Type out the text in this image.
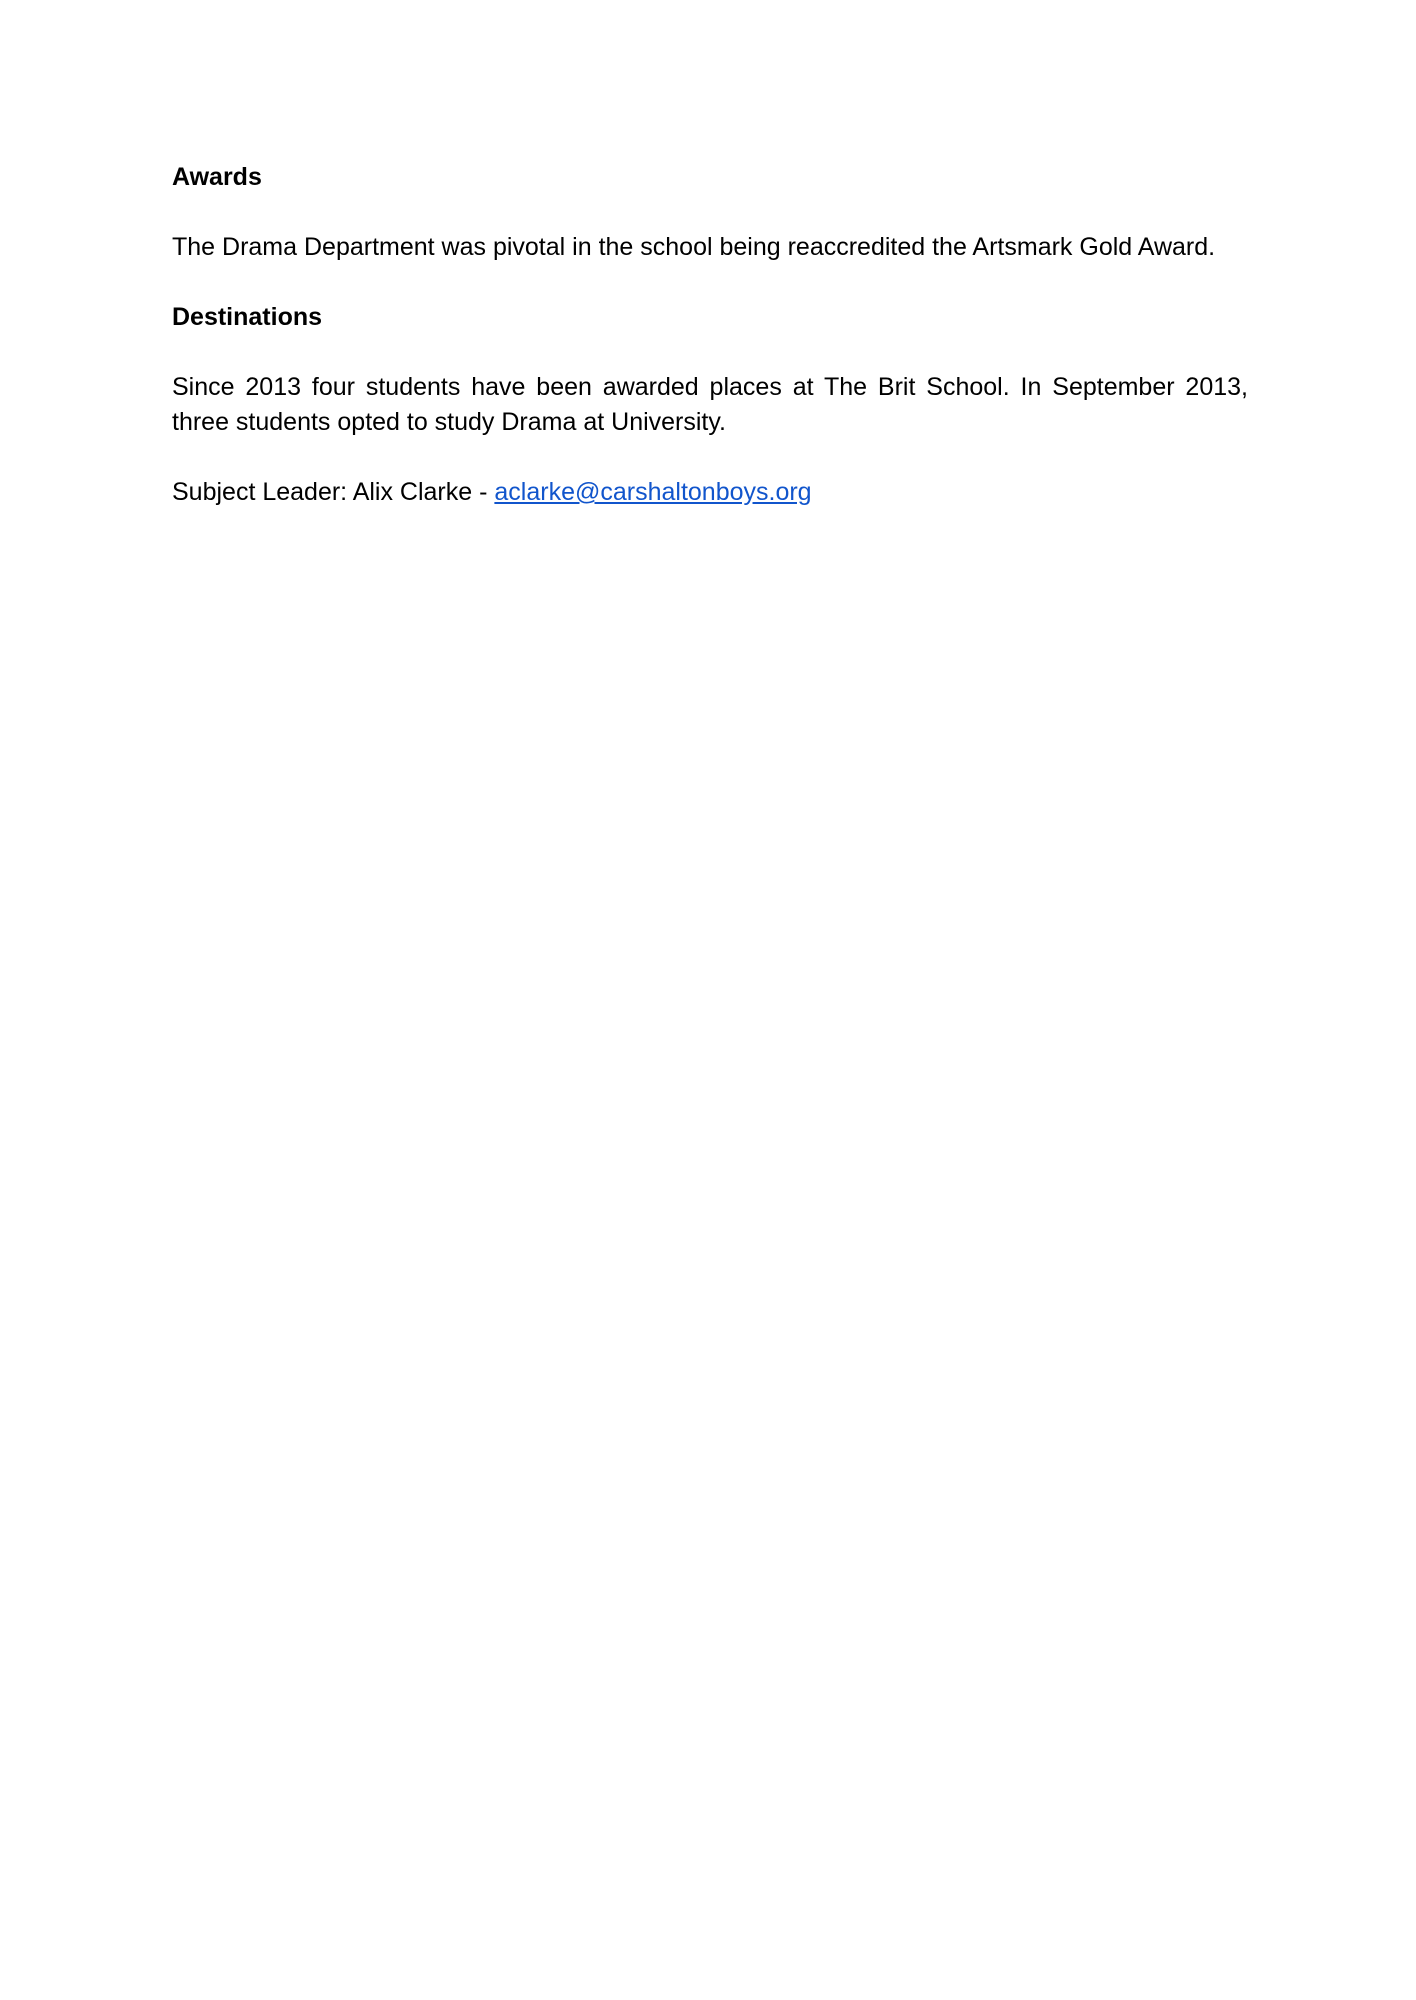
Awards
The Drama Department was pivotal in the school being reaccredited the Artsmark Gold Award.
Destinations
Since 2013 four students have been awarded places at The Brit School. In September 2013, three students opted to study Drama at University.
Subject Leader: Alix Clarke - aclarke@carshaltonboys.org
